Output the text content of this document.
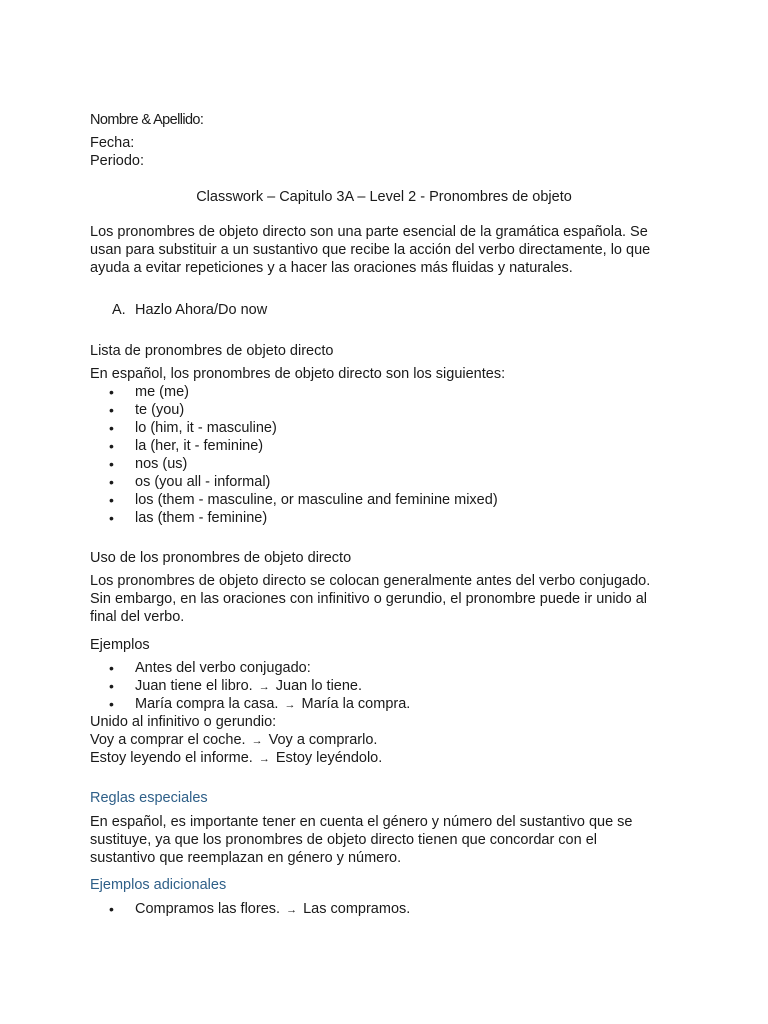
Nombre & Apellido:
Fecha:
Periodo:
Classwork – Capitulo 3A – Level 2 - Pronombres de objeto
Los pronombres de objeto directo son una parte esencial de la gramática española. Se
usan para substituir a un sustantivo que recibe la acción del verbo directamente, lo que
ayuda a evitar repeticiones y a hacer las oraciones más fluidas y naturales.
A. Hazlo Ahora/Do now
Lista de pronombres de objeto directo
En español, los pronombres de objeto directo son los siguientes:
• me (me)
• te (you)
• lo (him, it - masculine)
• la (her, it - feminine)
• nos (us)
• os (you all - informal)
• los (them - masculine, or masculine and feminine mixed)
• las (them - feminine)
Uso de los pronombres de objeto directo
Los pronombres de objeto directo se colocan generalmente antes del verbo conjugado.
Sin embargo, en las oraciones con infinitivo o gerundio, el pronombre puede ir unido al
final del verbo.
Ejemplos
• Antes del verbo conjugado:
• Juan tiene el libro. → Juan lo tiene.
• María compra la casa. → María la compra.
Unido al infinitivo o gerundio:
Voy a comprar el coche. → Voy a comprarlo.
Estoy leyendo el informe. → Estoy leyéndolo.
Reglas especiales
En español, es importante tener en cuenta el género y número del sustantivo que se
sustituye, ya que los pronombres de objeto directo tienen que concordar con el
sustantivo que reemplazan en género y número.
Ejemplos adicionales
• Compramos las flores. → Las compramos.
